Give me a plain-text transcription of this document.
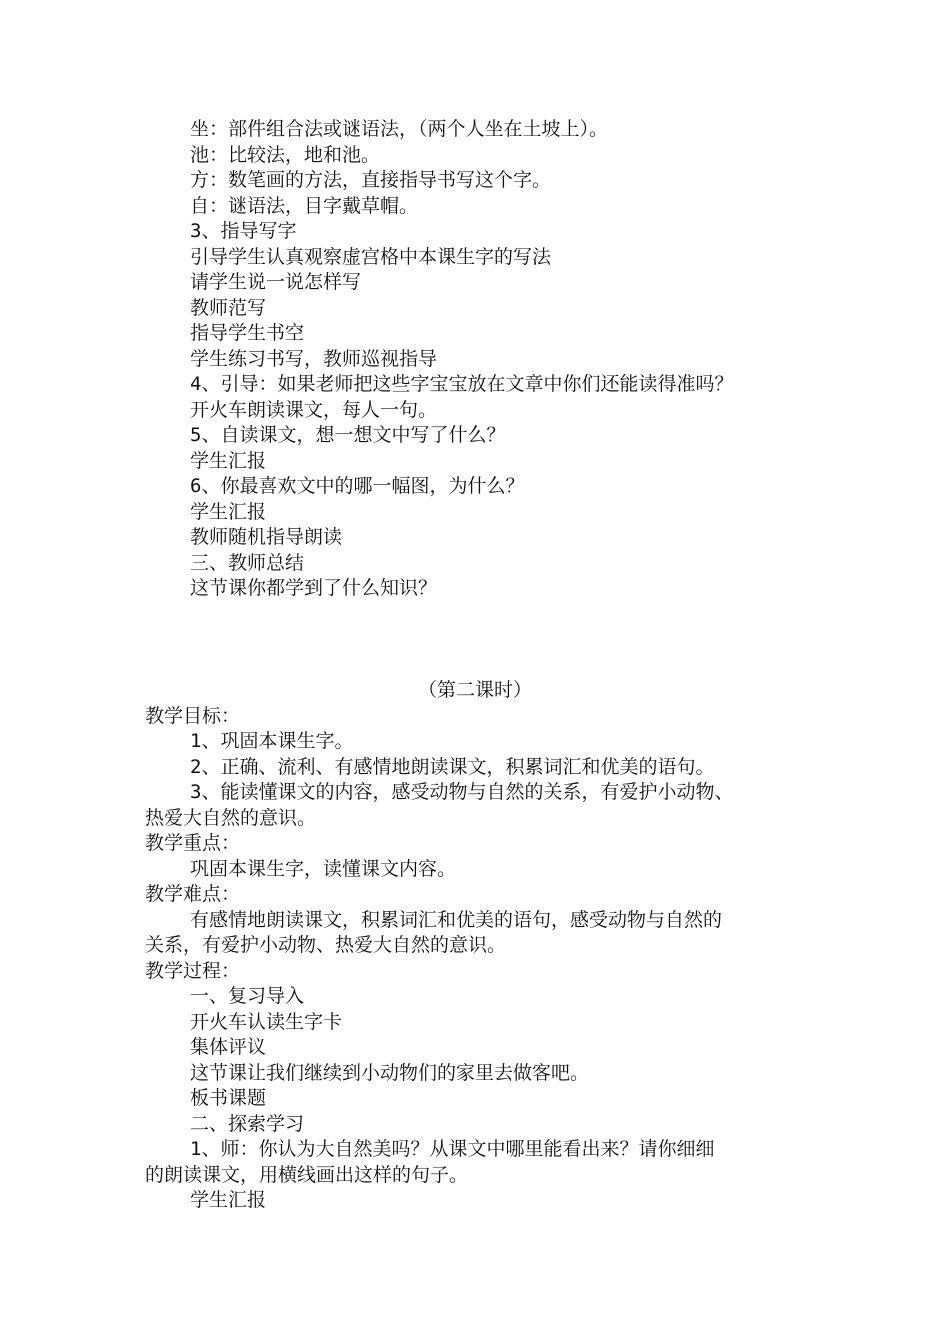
坐：部件组合法或谜语法，（两个人坐在土坡上）。
池：比较法，地和池。
方：数笔画的方法，直接指导书写这个字。
自：谜语法，目字戴草帽。
3、指导写字
引导学生认真观察虚宫格中本课生字的写法
请学生说一说怎样写
教师范写
指导学生书空
学生练习书写，教师巡视指导
4、引导：如果老师把这些字宝宝放在文章中你们还能读得准吗？
开火车朗读课文，每人一句。
5、自读课文，想一想文中写了什么？
学生汇报
6、你最喜欢文中的哪一幅图，为什么？
学生汇报
教师随机指导朗读
三、教师总结
这节课你都学到了什么知识？
（第二课时）
教学目标：
1、巩固本课生字。
2、正确、流利、有感情地朗读课文，积累词汇和优美的语句。
3、能读懂课文的内容，感受动物与自然的关系，有爱护小动物、
热爱大自然的意识。
教学重点：
巩固本课生字，读懂课文内容。
教学难点：
有感情地朗读课文，积累词汇和优美的语句，感受动物与自然的
关系，有爱护小动物、热爱大自然的意识。
教学过程：
一、复习导入
开火车认读生字卡
集体评议
这节课让我们继续到小动物们的家里去做客吧。
板书课题
二、探索学习
1、师：你认为大自然美吗？从课文中哪里能看出来？请你细细
的朗读课文，用横线画出这样的句子。
学生汇报
